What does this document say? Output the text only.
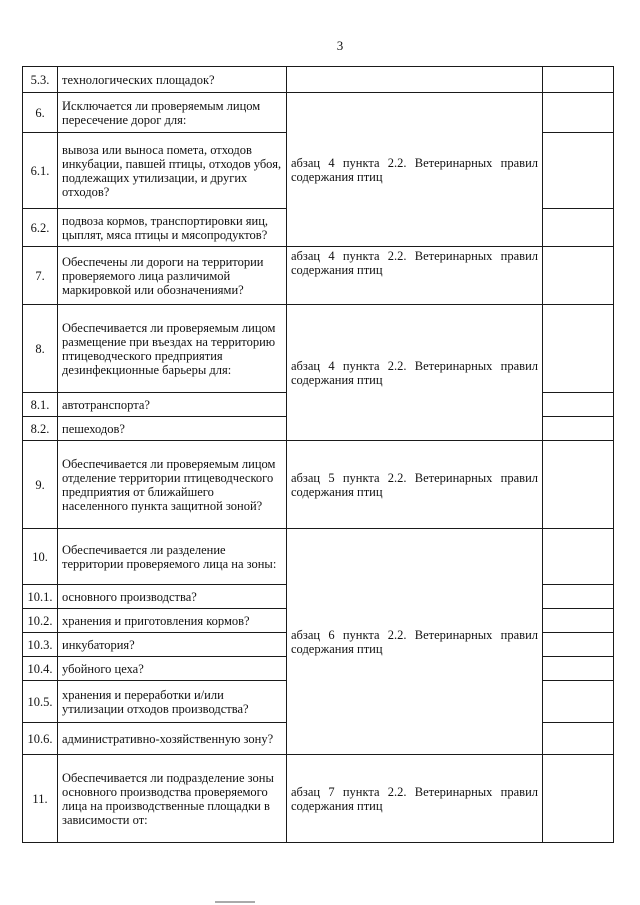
3
5.3.	технологических площадок?		
6.	Исключается ли проверяемым лицом пересечение дорог для:	абзац 4 пункта 2.2. Ветеринарных правил содержания птиц	
6.1.	вывоза или выноса помета, отходов инкубации, павшей птицы, отходов убоя, подлежащих утилизации, и других отходов?		
6.2.	подвоза кормов, транспортировки яиц, цыплят, мяса птицы и мясопродуктов?		
7.	Обеспечены ли дороги на территории проверяемого лица различимой маркировкой или обозначениями?	абзац 4 пункта 2.2. Ветеринарных правил содержания птиц	
8.	Обеспечивается ли проверяемым лицом размещение при въездах на территорию птицеводческого предприятия дезинфекционные барьеры для:	абзац 4 пункта 2.2. Ветеринарных правил содержания птиц	
8.1.	автотранспорта?		
8.2.	пешеходов?		
9.	Обеспечивается ли проверяемым лицом отделение территории птицеводческого предприятия от ближайшего населенного пункта защитной зоной?	абзац 5 пункта 2.2. Ветеринарных правил содержания птиц	
10.	Обеспечивается ли разделение территории проверяемого лица на зоны:	абзац 6 пункта 2.2. Ветеринарных правил содержания птиц	
10.1.	основного производства?		
10.2.	хранения и приготовления кормов?		
10.3.	инкубатория?		
10.4.	убойного цеха?		
10.5.	хранения и переработки и/или утилизации отходов производства?		
10.6.	административно-хозяйственную зону?		
11.	Обеспечивается ли подразделение зоны основного производства проверяемого лица на производственные площадки в зависимости от:	абзац 7 пункта 2.2. Ветеринарных правил содержания птиц	
